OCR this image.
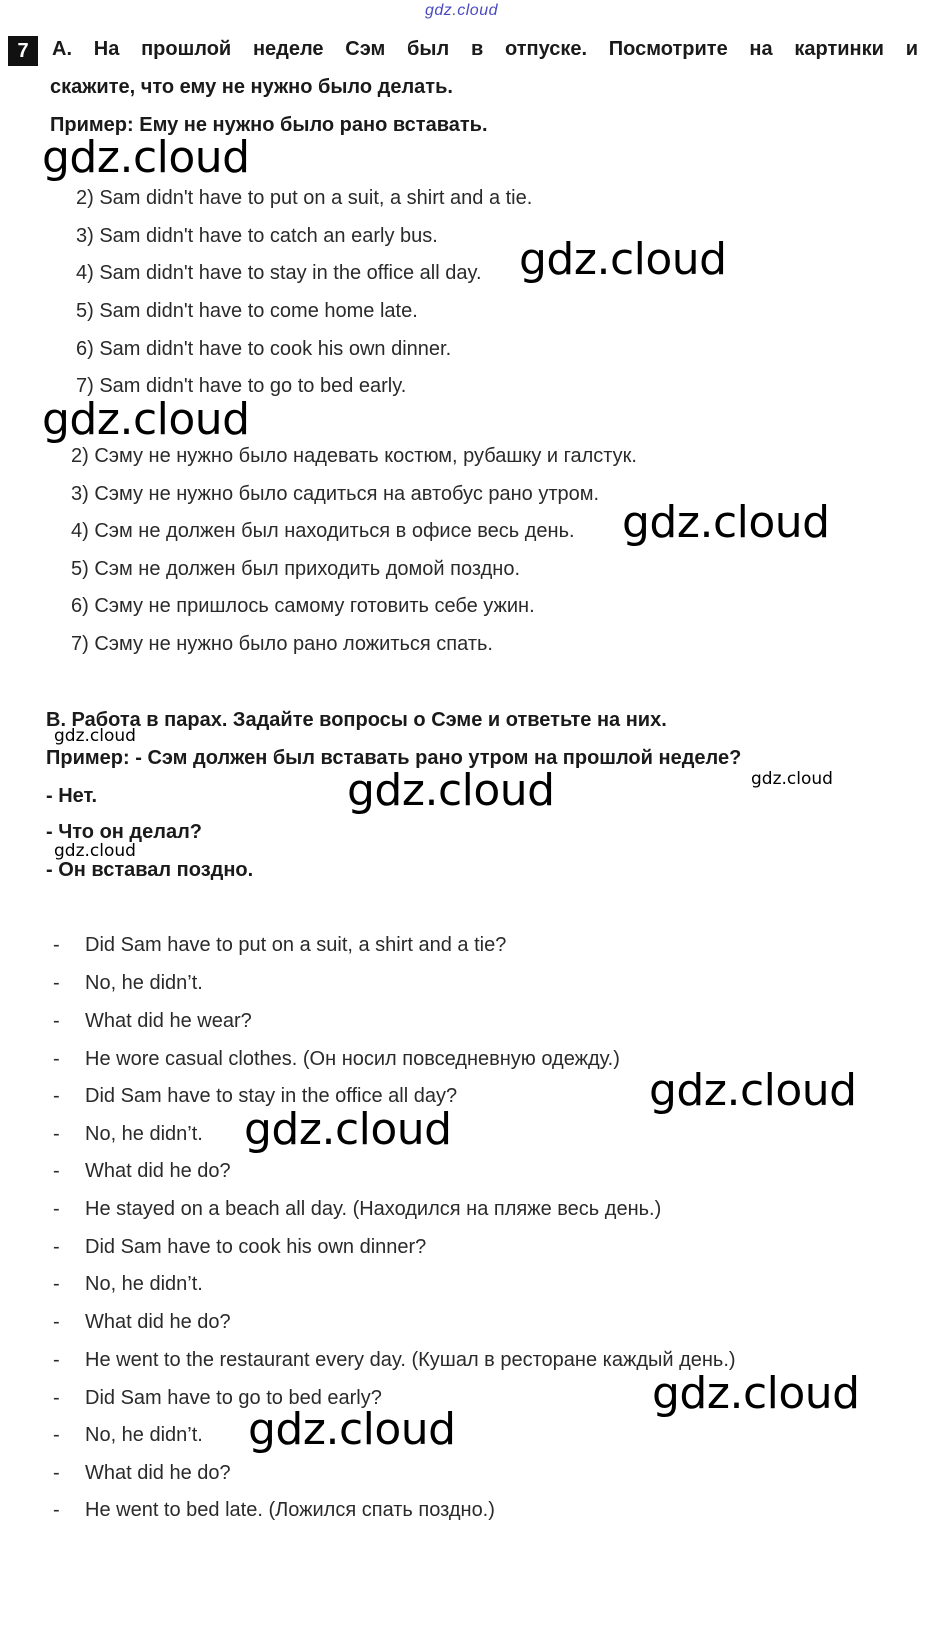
gdz.cloud
7	A. На прошлой неделе Сэм был в отпуске. Посмотрите на картинки и
скажите, что ему не нужно было делать.
Пример: Ему не нужно было рано вставать.
2) Sam didn't have to put on a suit, a shirt and a tie.
3) Sam didn't have to catch an early bus.
4) Sam didn't have to stay in the office all day.
5) Sam didn't have to come home late.
6) Sam didn't have to cook his own dinner.
7) Sam didn't have to go to bed early.
2) Сэму не нужно было надевать костюм, рубашку и галстук.
3) Сэму не нужно было садиться на автобус рано утром.
4) Сэм не должен был находиться в офисе весь день.
5) Сэм не должен был приходить домой поздно.
6) Сэму не пришлось самому готовить себе ужин.
7) Сэму не нужно было рано ложиться спать.
B. Работа в парах. Задайте вопросы о Сэме и ответьте на них.
Пример: - Сэм должен был вставать рано утром на прошлой неделе?
- Нет.
- Что он делал?
- Он вставал поздно.
- Did Sam have to put on a suit, a shirt and a tie?
- No, he didn’t.
- What did he wear?
- He wore casual clothes. (Он носил повседневную одежду.)
- Did Sam have to stay in the office all day?
- No, he didn’t.
- What did he do?
- He stayed on a beach all day. (Находился на пляже весь день.)
- Did Sam have to cook his own dinner?
- No, he didn’t.
- What did he do?
- He went to the restaurant every day. (Кушал в ресторане каждый день.)
- Did Sam have to go to bed early?
- No, he didn’t.
- What did he do?
- He went to bed late. (Ложился спать поздно.)
gdz.cloud
gdz.cloud
gdz.cloud
gdz.cloud
gdz.cloud
gdz.cloud
gdz.cloud
gdz.cloud
gdz.cloud
gdz.cloud
gdz.cloud
gdz.cloud
